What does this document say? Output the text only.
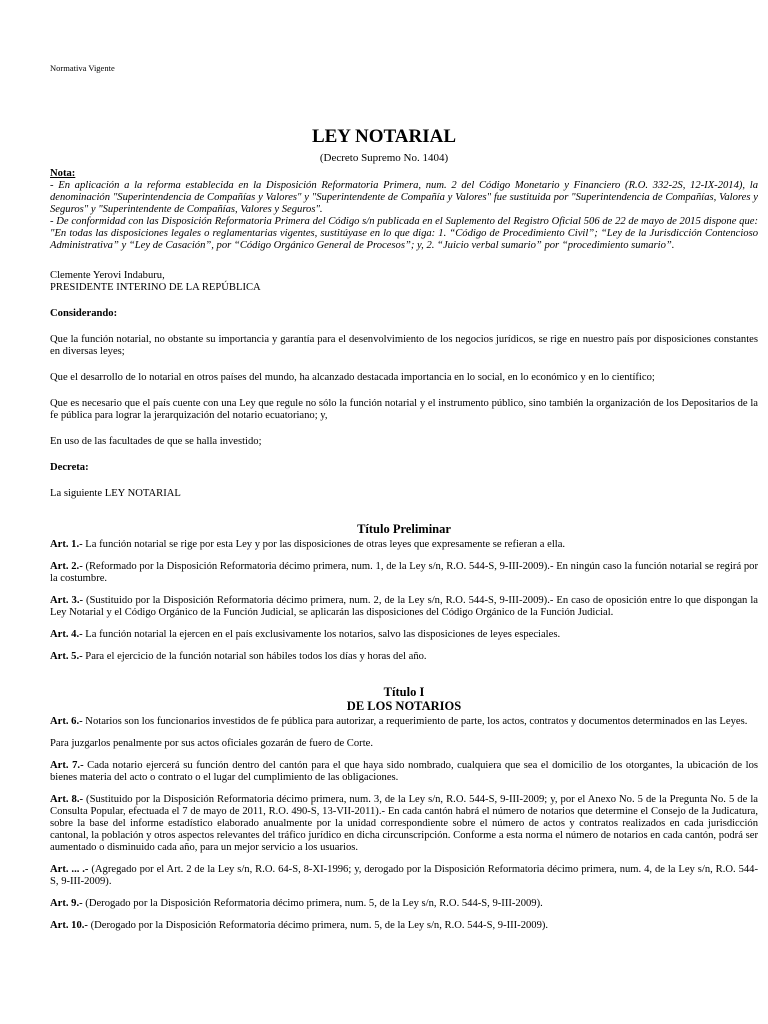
Normativa Vigente
LEY NOTARIAL
(Decreto Supremo No. 1404)

Nota:

- En aplicación a la reforma establecida en la Disposición Reformatoria Primera, num. 2 del Código Monetario y Financiero (R.O. 332-2S, 12-IX-2014), la denominación "Superintendencia de Compañías y Valores" y "Superintendente de Compañía y Valores" fue sustituida por "Superintendencia de Compañías, Valores y Seguros" y "Superintendente de Compañías, Valores y Seguros".

- De conformidad con las Disposición Reformatoria Primera del Código s/n publicada en el Suplemento del Registro Oficial 506 de 22 de mayo de 2015 dispone que: "En todas las disposiciones legales o reglamentarias vigentes, sustitúyase en lo que diga: 1. “Código de Procedimiento Civil”; “Ley de la Jurisdicción Contencioso Administrativa” y “Ley de Casación”, por “Código Orgánico General de Procesos”; y, 2. “Juicio verbal sumario” por “procedimiento sumario”.

Clemente Yerovi Indaburu,

PRESIDENTE INTERINO DE LA REPÚBLICA

Considerando:

Que la función notarial, no obstante su importancia y garantía para el desenvolvimiento de los negocios jurídicos, se rige en nuestro país por disposiciones constantes en diversas leyes;

Que el desarrollo de lo notarial en otros países del mundo, ha alcanzado destacada importancia en lo social, en lo económico y en lo científico;

Que es necesario que el país cuente con una Ley que regule no sólo la función notarial y el instrumento público, sino también la organización de los Depositarios de la fe pública para lograr la jerarquización del notario ecuatoriano; y,

En uso de las facultades de que se halla investido;

Decreta:

La siguiente LEY NOTARIAL

Título Preliminar

Art. 1.- La función notarial se rige por esta Ley y por las disposiciones de otras leyes que expresamente se refieran a ella.

Art. 2.- (Reformado por la Disposición Reformatoria décimo primera, num. 1, de la Ley s/n, R.O. 544-S, 9-III-2009).- En ningún caso la función notarial se regirá por la costumbre.

Art. 3.- (Sustituido por la Disposición Reformatoria décimo primera, num. 2, de la Ley s/n, R.O. 544-S, 9-III-2009).- En caso de oposición entre lo que dispongan la Ley Notarial y el Código Orgánico de la Función Judicial, se aplicarán las disposiciones del Código Orgánico de la Función Judicial.

Art. 4.- La función notarial la ejercen en el país exclusivamente los notarios, salvo las disposiciones de leyes especiales.

Art. 5.- Para el ejercicio de la función notarial son hábiles todos los días y horas del año.

Título I

DE LOS NOTARIOS

Art. 6.- Notarios son los funcionarios investidos de fe pública para autorizar, a requerimiento de parte, los actos, contratos y documentos determinados en las Leyes.

Para juzgarlos penalmente por sus actos oficiales gozarán de fuero de Corte.

Art. 7.- Cada notario ejercerá su función dentro del cantón para el que haya sido nombrado, cualquiera que sea el domicilio de los otorgantes, la ubicación de los bienes materia del acto o contrato o el lugar del cumplimiento de las obligaciones.

Art. 8.- (Sustituido por la Disposición Reformatoria décimo primera, num. 3, de la Ley s/n, R.O. 544-S, 9-III-2009; y, por el Anexo No. 5 de la Pregunta No. 5 de la Consulta Popular, efectuada el 7 de mayo de 2011, R.O. 490-S, 13-VII-2011).- En cada cantón habrá el número de notarios que determine el Consejo de la Judicatura, sobre la base del informe estadístico elaborado anualmente por la unidad correspondiente sobre el número de actos y contratos realizados en cada jurisdicción cantonal, la población y otros aspectos relevantes del tráfico jurídico en dicha circunscripción. Conforme a esta norma el número de notarios en cada cantón, podrá ser aumentado o disminuido cada año, para un mejor servicio a los usuarios.

Art. ... .- (Agregado por el Art. 2 de la Ley s/n, R.O. 64-S, 8-XI-1996; y, derogado por la Disposición Reformatoria décimo primera, num. 4, de la Ley s/n, R.O. 544-S, 9-III-2009).

Art. 9.- (Derogado por la Disposición Reformatoria décimo primera, num. 5, de la Ley s/n, R.O. 544-S, 9-III-2009).

Art. 10.- (Derogado por la Disposición Reformatoria décimo primera, num. 5, de la Ley s/n, R.O. 544-S, 9-III-2009).
